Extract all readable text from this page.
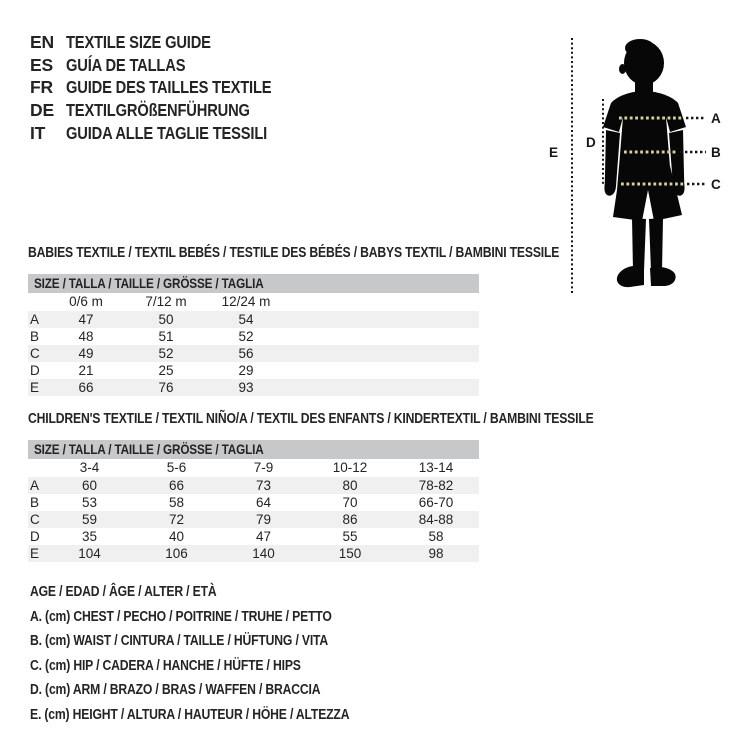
EN TEXTILE SIZE GUIDE
ES GUÍA DE TALLAS
FR GUIDE DES TAILLES TEXTILE
DE TEXTILGRÖßENFÜHRUNG
IT	GUIDA ALLE TAGLIE TESSILI
A
B
C
D
E
BABIES TEXTILE / TEXTIL BEBÉS / TESTILE DES BÉBÉS / BABYS TEXTIL / BAMBINI TESSILE
SIZE / TALLA / TAILLE / GRÖSSE / TAGLIA
	0/6 m	7/12 m	12/24 m	
A	47	50	54	
B	48	51	52	
C	49	52	56	
D	21	25	29	
E	66	76	93	
CHILDREN'S TEXTILE / TEXTIL NIÑO/A / TEXTIL DES ENFANTS / KINDERTEXTIL / BAMBINI TESSILE
SIZE / TALLA / TAILLE / GRÖSSE / TAGLIA
	3-4	5-6	7-9	10-12	13-14
A	60	66	73	80	78-82
B	53	58	64	70	66-70
C	59	72	79	86	84-88
D	35	40	47	55	58
E	104	106	140	150	98
AGE / EDAD / ÂGE / ALTER / ETÀ
A. (cm) CHEST / PECHO / POITRINE / TRUHE / PETTO
B. (cm) WAIST / CINTURA / TAILLE / HÜFTUNG / VITA
C. (cm) HIP / CADERA / HANCHE / HÜFTE / HIPS
D. (cm) ARM / BRAZO / BRAS / WAFFEN / BRACCIA
E. (cm) HEIGHT / ALTURA / HAUTEUR / HÖHE / ALTEZZA
